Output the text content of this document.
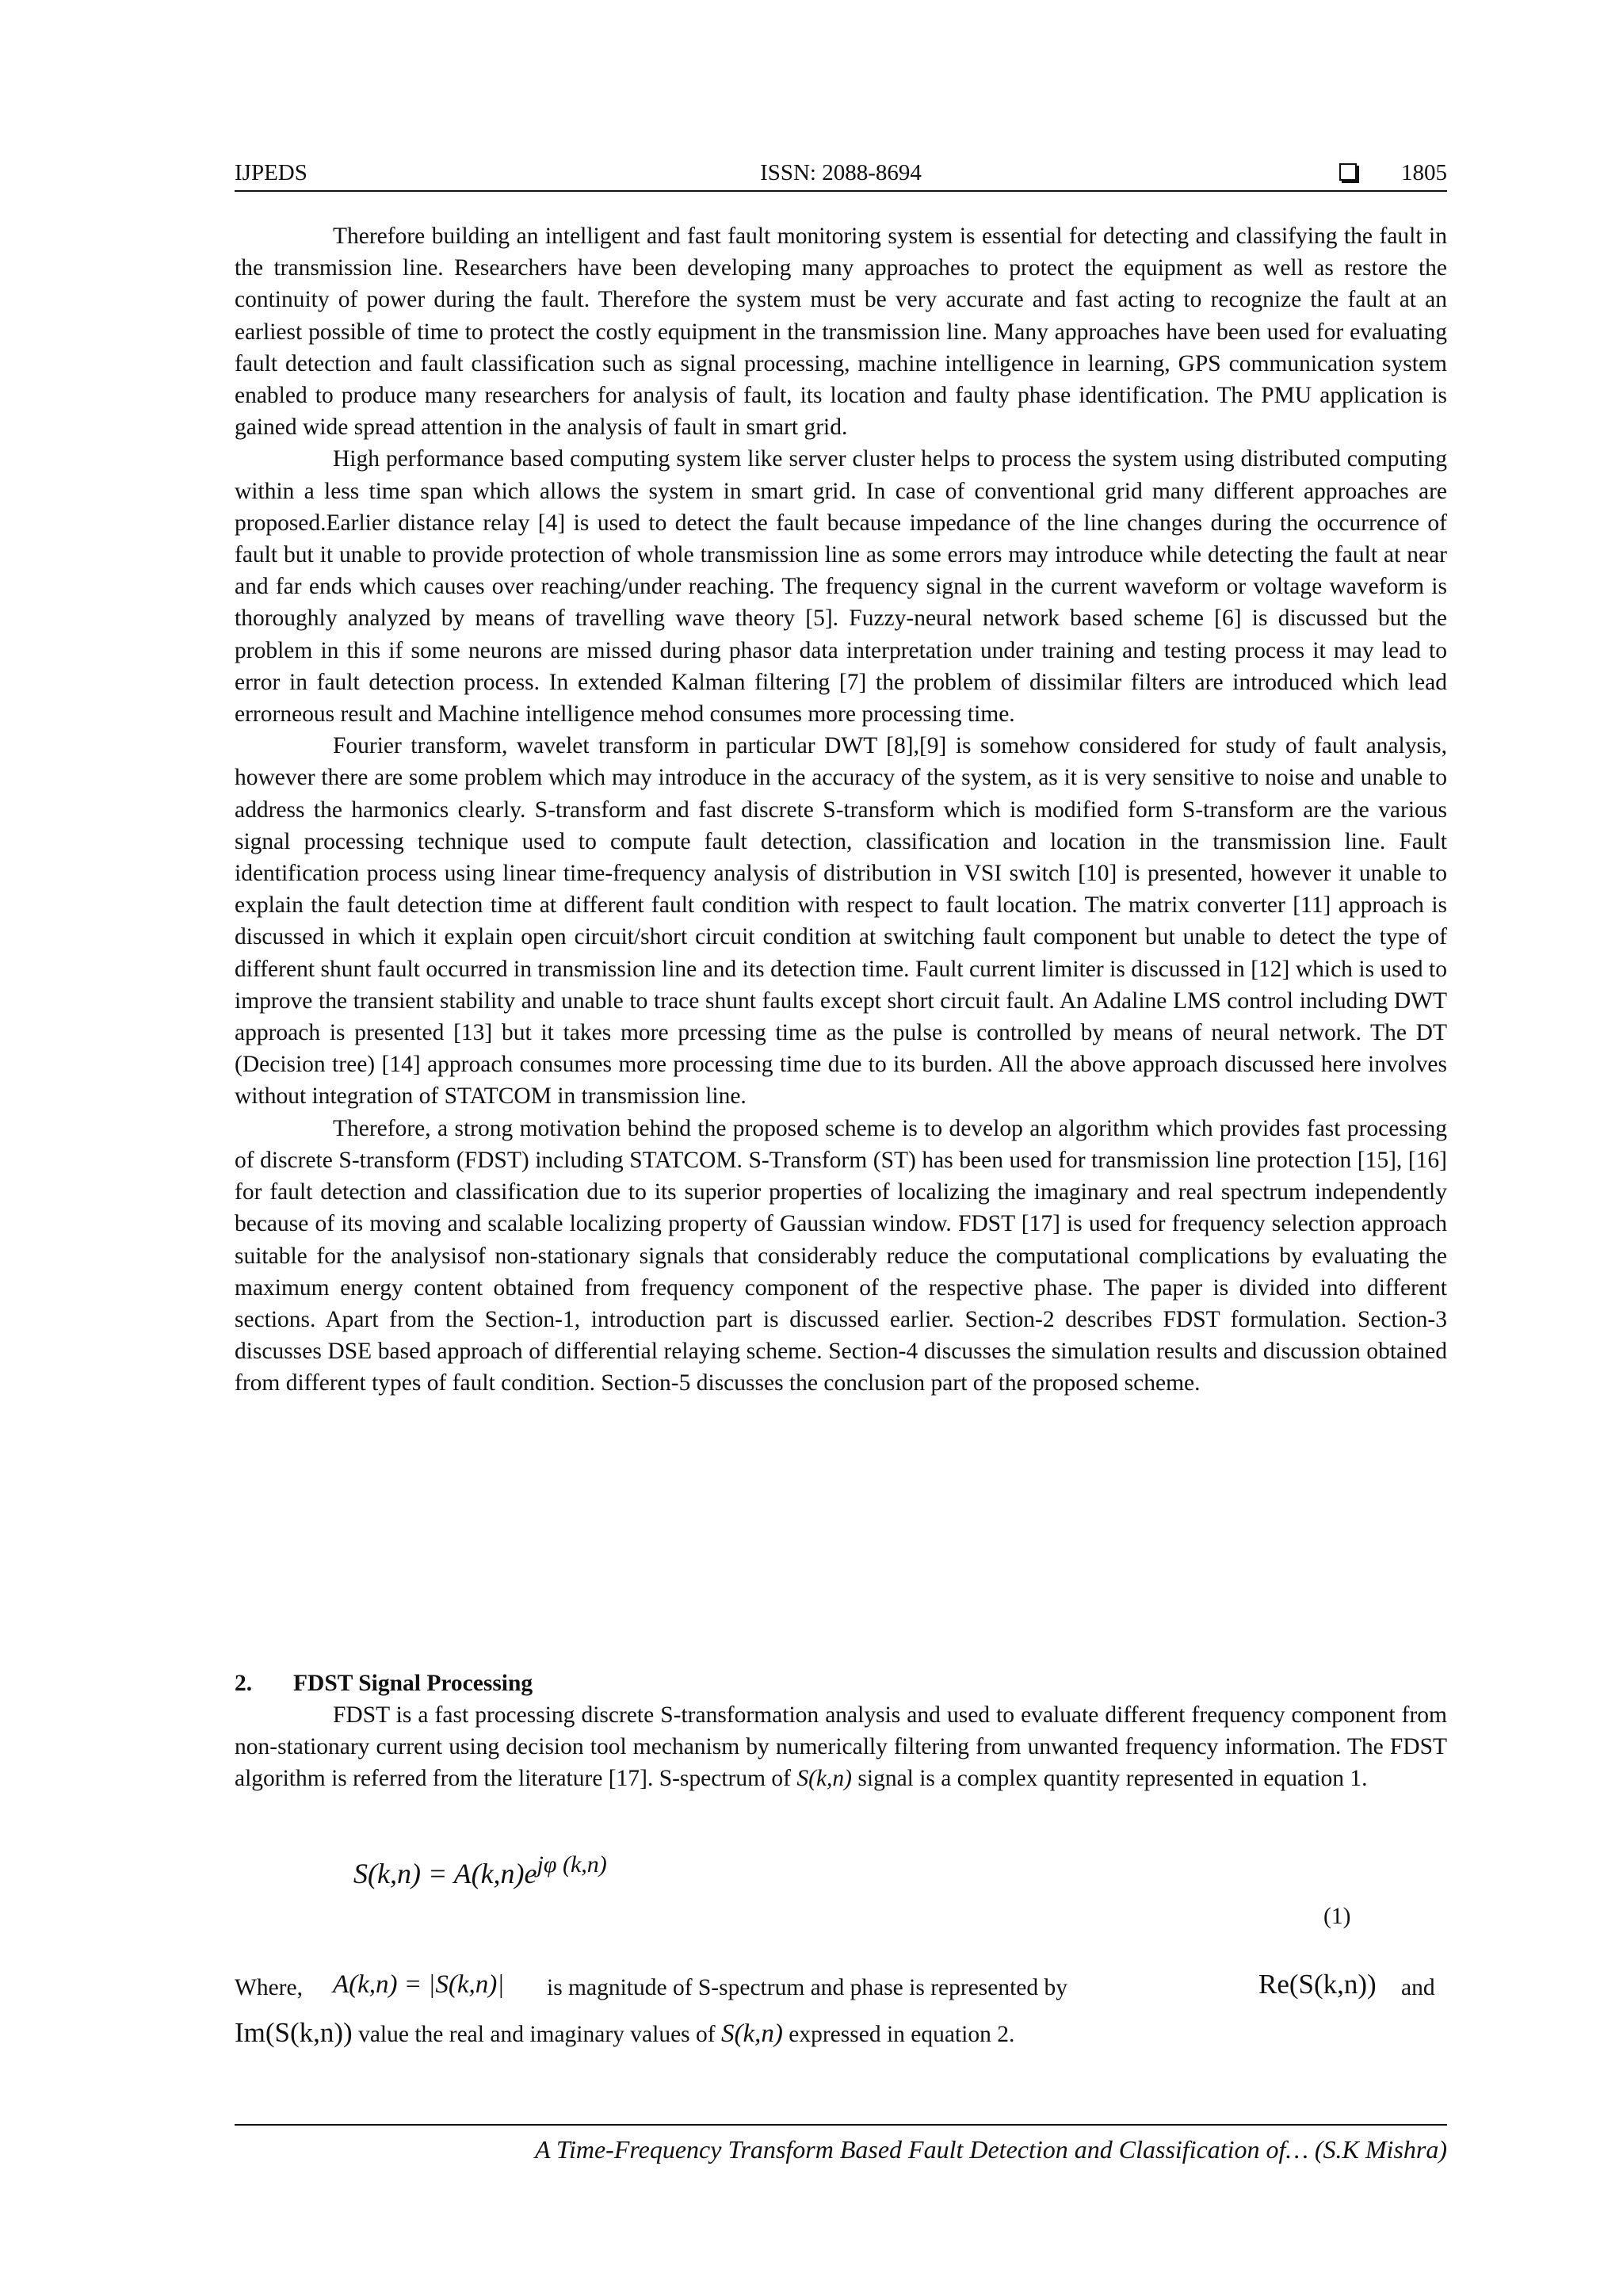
IJPEDS	ISSN: 2088-8694	1805

Therefore building an intelligent and fast fault monitoring system is essential for detecting and classifying the fault in the transmission line. Researchers have been developing many approaches to protect the equipment as well as restore the continuity of power during the fault. Therefore the system must be very accurate and fast acting to recognize the fault at an earliest possible of time to protect the costly equipment in the transmission line. Many approaches have been used for evaluating fault detection and fault classification such as signal processing, machine intelligence in learning, GPS communication system enabled to produce many researchers for analysis of fault, its location and faulty phase identification. The PMU application is gained wide spread attention in the analysis of fault in smart grid.

High performance based computing system like server cluster helps to process the system using distributed computing within a less time span which allows the system in smart grid. In case of conventional grid many different approaches are proposed.Earlier distance relay [4] is used to detect the fault because impedance of the line changes during the occurrence of fault but it unable to provide protection of whole transmission line as some errors may introduce while detecting the fault at near and far ends which causes over reaching/under reaching. The frequency signal in the current waveform or voltage waveform is thoroughly analyzed by means of travelling wave theory [5]. Fuzzy-neural network based scheme [6] is discussed but the problem in this if some neurons are missed during phasor data interpretation under training and testing process it may lead to error in fault detection process. In extended Kalman filtering [7] the problem of dissimilar filters are introduced which lead errorneous result and Machine intelligence mehod consumes more processing time.

Fourier transform, wavelet transform in particular DWT [8],[9] is somehow considered for study of fault analysis, however there are some problem which may introduce in the accuracy of the system, as it is very sensitive to noise and unable to address the harmonics clearly. S-transform and fast discrete S-transform which is modified form S-transform are the various signal processing technique used to compute fault detection, classification and location in the transmission line. Fault identification process using linear time-frequency analysis of distribution in VSI switch [10] is presented, however it unable to explain the fault detection time at different fault condition with respect to fault location. The matrix converter [11] approach is discussed in which it explain open circuit/short circuit condition at switching fault component but unable to detect the type of different shunt fault occurred in transmission line and its detection time. Fault current limiter is discussed in [12] which is used to improve the transient stability and unable to trace shunt faults except short circuit fault. An Adaline LMS control including DWT approach is presented [13] but it takes more prcessing time as the pulse is controlled by means of neural network. The DT (Decision tree) [14] approach consumes more processing time due to its burden. All the above approach discussed here involves without integration of STATCOM in transmission line.

Therefore, a strong motivation behind the proposed scheme is to develop an algorithm which provides fast processing of discrete S-transform (FDST) including STATCOM. S-Transform (ST) has been used for transmission line protection [15], [16] for fault detection and classification due to its superior properties of localizing the imaginary and real spectrum independently because of its moving and scalable localizing property of Gaussian window. FDST [17] is used for frequency selection approach suitable for the analysisof non-stationary signals that considerably reduce the computational complications by evaluating the maximum energy content obtained from frequency component of the respective phase. The paper is divided into different sections. Apart from the Section-1, introduction part is discussed earlier. Section-2 describes FDST formulation. Section-3 discusses DSE based approach of differential relaying scheme. Section-4 discusses the simulation results and discussion obtained from different types of fault condition. Section-5 discusses the conclusion part of the proposed scheme.

2. FDST Signal Processing

FDST is a fast processing discrete S-transformation analysis and used to evaluate different frequency component from non-stationary current using decision tool mechanism by numerically filtering from unwanted frequency information. The FDST algorithm is referred from the literature [17]. S-spectrum of S(k,n) signal is a complex quantity represented in equation 1.

$S(k,n) = A(k,n)e^{j\varphi (k,n)}$
(1)
Where, A(k,n) = |S(k,n)| is magnitude of S-spectrum and phase is represented by	Re(S(k,n)) and
Im(S(k,n)) value the real and imaginary values of S(k,n) expressed in equation 2.
A Time-Frequency Transform Based Fault Detection and Classification of… (S.K Mishra)
